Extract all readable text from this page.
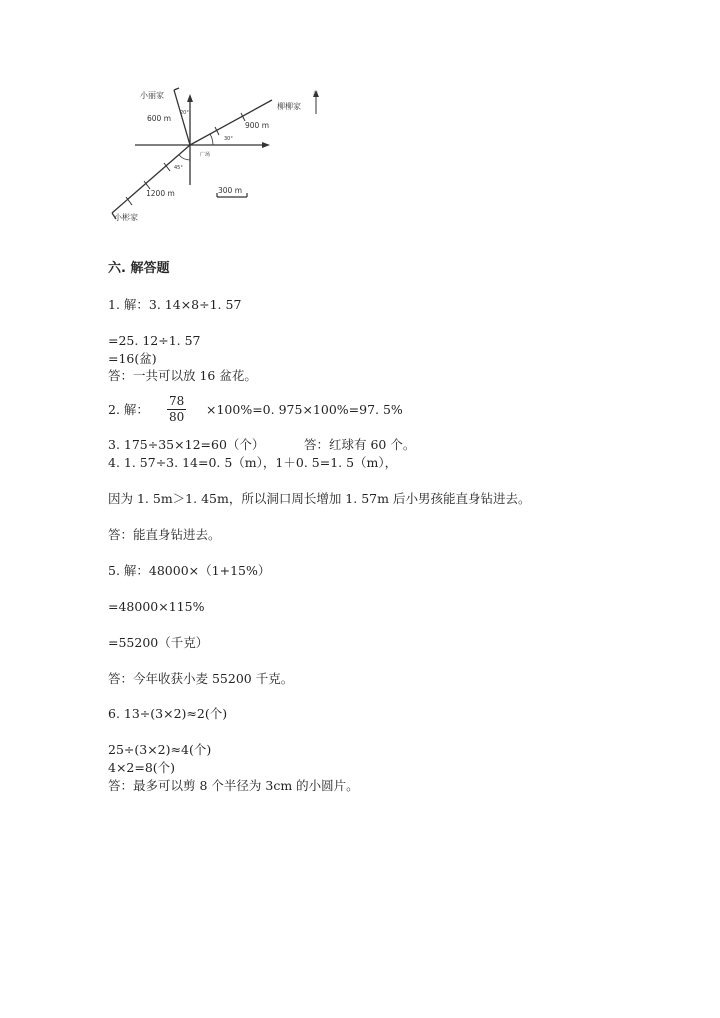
小丽家
柳柳家
小彬家
广场
北
600 m
900 m
1200 m
20°
30°
45°
300 m
六. 解答题
1. 解：3. 14×8÷1. 57
=25. 12÷1. 57
=16(盆)
答：一共可以放 16 盆花。
2. 解： $\frac{78}{80} \times 100\%=0$. 975×100%=97. 5%
3. 175÷35×12=60（个）	答：红球有 60 个。
4. 1. 57÷3. 14=0. 5（m），1＋0. 5=1. 5（m），
因为 1. 5m＞1. 45m，所以洞口周长增加 1. 57m 后小男孩能直身钻进去。
答：能直身钻进去。
5. 解：48000×（1+15%）
=48000×115%
=55200（千克）
答：今年收获小麦 55200 千克。
6. 13÷(3×2)≈2(个)
25÷(3×2)≈4(个)
4×2=8(个)
答：最多可以剪 8 个半径为 3cm 的小圆片。
